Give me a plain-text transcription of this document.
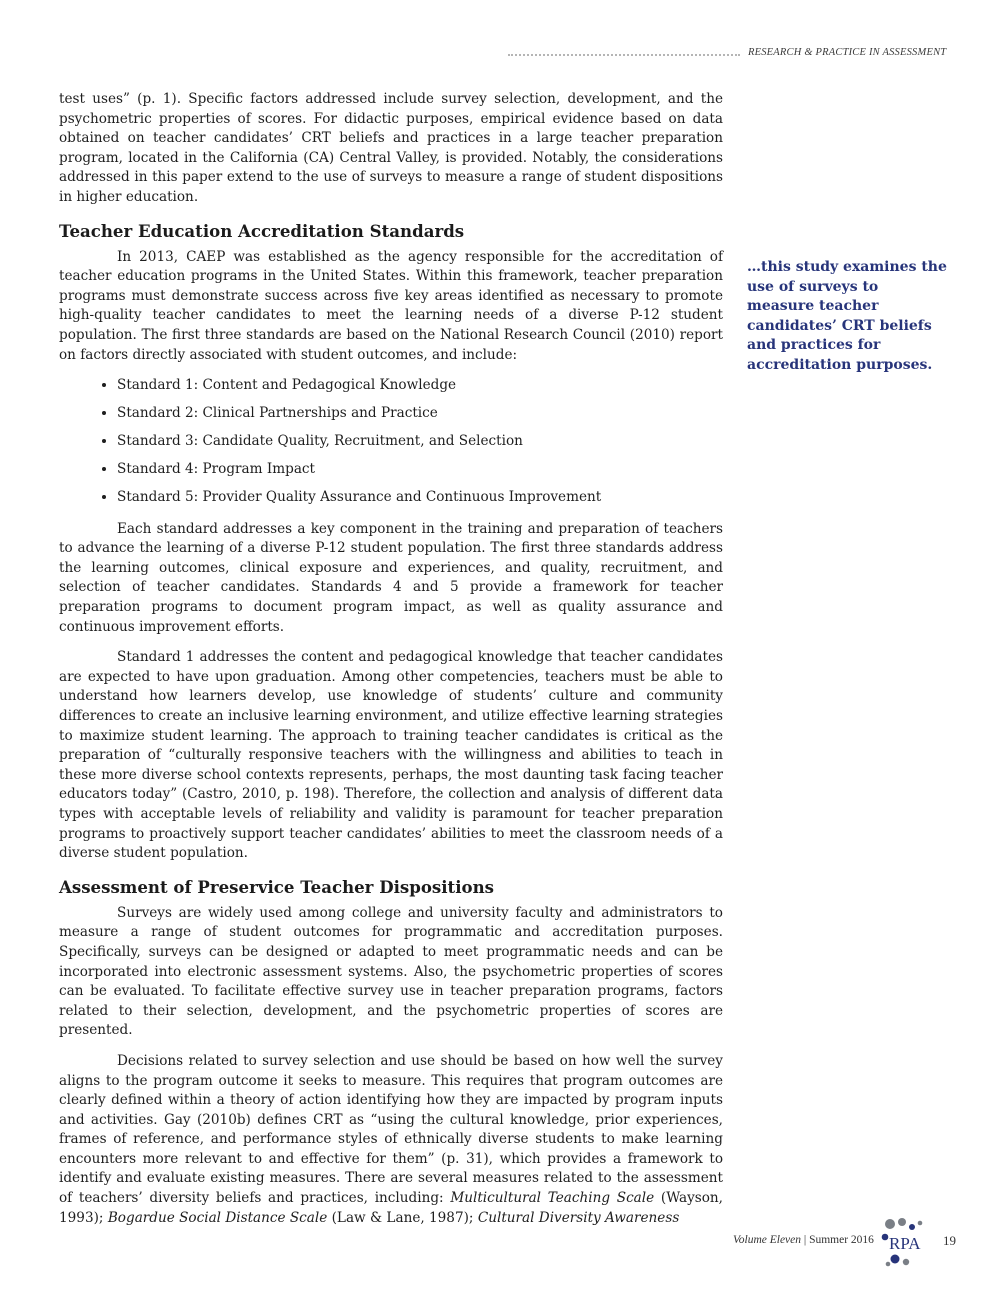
RESEARCH & PRACTICE IN ASSESSMENT

test uses” (p. 1). Specific factors addressed include survey selection, development, and the psychometric properties of scores. For didactic purposes, empirical evidence based on data obtained on teacher candidates’ CRT beliefs and practices in a large teacher preparation program, located in the California (CA) Central Valley, is provided. Notably, the considerations addressed in this paper extend to the use of surveys to measure a range of student dispositions in higher education.

Teacher Education Accreditation Standards

In 2013, CAEP was established as the agency responsible for the accreditation of teacher education programs in the United States. Within this framework, teacher preparation programs must demonstrate success across five key areas identified as necessary to promote high-quality teacher candidates to meet the learning needs of a diverse P-12 student population. The first three standards are based on the National Research Council (2010) report on factors directly associated with student outcomes, and include:

• Standard 1: Content and Pedagogical Knowledge
• Standard 2: Clinical Partnerships and Practice
• Standard 3: Candidate Quality, Recruitment, and Selection
• Standard 4: Program Impact
• Standard 5: Provider Quality Assurance and Continuous Improvement

Each standard addresses a key component in the training and preparation of teachers to advance the learning of a diverse P-12 student population. The first three standards address the learning outcomes, clinical exposure and experiences, and quality, recruitment, and selection of teacher candidates. Standards 4 and 5 provide a framework for teacher preparation programs to document program impact, as well as quality assurance and continuous improvement efforts.

Standard 1 addresses the content and pedagogical knowledge that teacher candidates are expected to have upon graduation. Among other competencies, teachers must be able to understand how learners develop, use knowledge of students’ culture and community differences to create an inclusive learning environment, and utilize effective learning strategies to maximize student learning. The approach to training teacher candidates is critical as the preparation of “culturally responsive teachers with the willingness and abilities to teach in these more diverse school contexts represents, perhaps, the most daunting task facing teacher educators today” (Castro, 2010, p. 198). Therefore, the collection and analysis of different data types with acceptable levels of reliability and validity is paramount for teacher preparation programs to proactively support teacher candidates’ abilities to meet the classroom needs of a diverse student population.

Assessment of Preservice Teacher Dispositions

Surveys are widely used among college and university faculty and administrators to measure a range of student outcomes for programmatic and accreditation purposes. Specifically, surveys can be designed or adapted to meet programmatic needs and can be incorporated into electronic assessment systems. Also, the psychometric properties of scores can be evaluated. To facilitate effective survey use in teacher preparation programs, factors related to their selection, development, and the psychometric properties of scores are presented.

Decisions related to survey selection and use should be based on how well the survey aligns to the program outcome it seeks to measure. This requires that program outcomes are clearly defined within a theory of action identifying how they are impacted by program inputs and activities. Gay (2010b) defines CRT as “using the cultural knowledge, prior experiences, frames of reference, and performance styles of ethnically diverse students to make learning encounters more relevant to and effective for them” (p. 31), which provides a framework to identify and evaluate existing measures. There are several measures related to the assessment of teachers’ diversity beliefs and practices, including: Multicultural Teaching Scale (Wayson, 1993); Bogardue Social Distance Scale (Law & Lane, 1987); Cultural Diversity Awareness

…this study examines the use of surveys to measure teacher candidates’ CRT beliefs and practices for accreditation purposes.
Volume Eleven | Summer 2016 RPA 19
